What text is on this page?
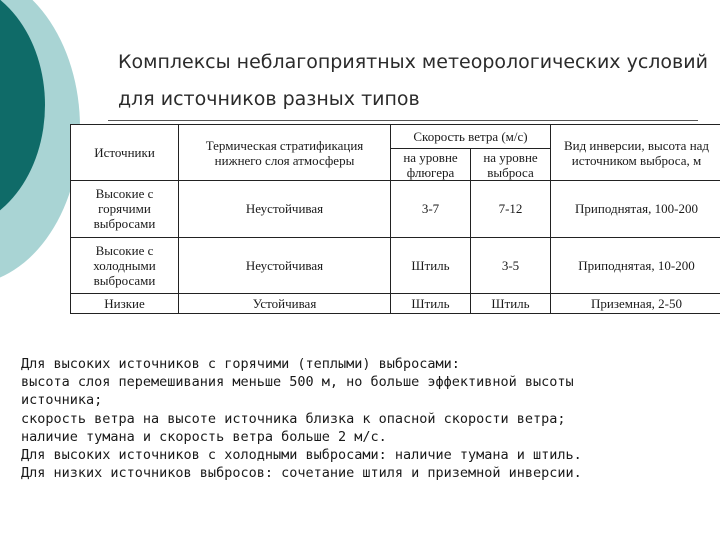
Комплексы неблагоприятных метеорологических условий для источников разных типов
Источники	Термическая стратификация нижнего слоя атмосферы	Скорость ветра (м/с)		Вид инверсии, высота над источником выброса, м
		на уровне флюгера	на уровне выброса	
Высокие с горячими выбросами	Неустойчивая	3-7	7-12	Приподнятая, 100-200
Высокие с холодными выбросами	Неустойчивая	Штиль	3-5	Приподнятая, 10-200
Низкие	Устойчивая	Штиль	Штиль	Приземная, 2-50

Для высоких источников с горячими (теплыми) выбросами:

высота слоя перемешивания меньше 500 м, но больше эффективной высоты

источника;

скорость ветра на высоте источника близка к опасной скорости ветра;

наличие тумана и скорость ветра больше 2 м/с.

Для высоких источников с холодными выбросами: наличие тумана и штиль.

Для низких источников выбросов: сочетание штиля и приземной инверсии.
